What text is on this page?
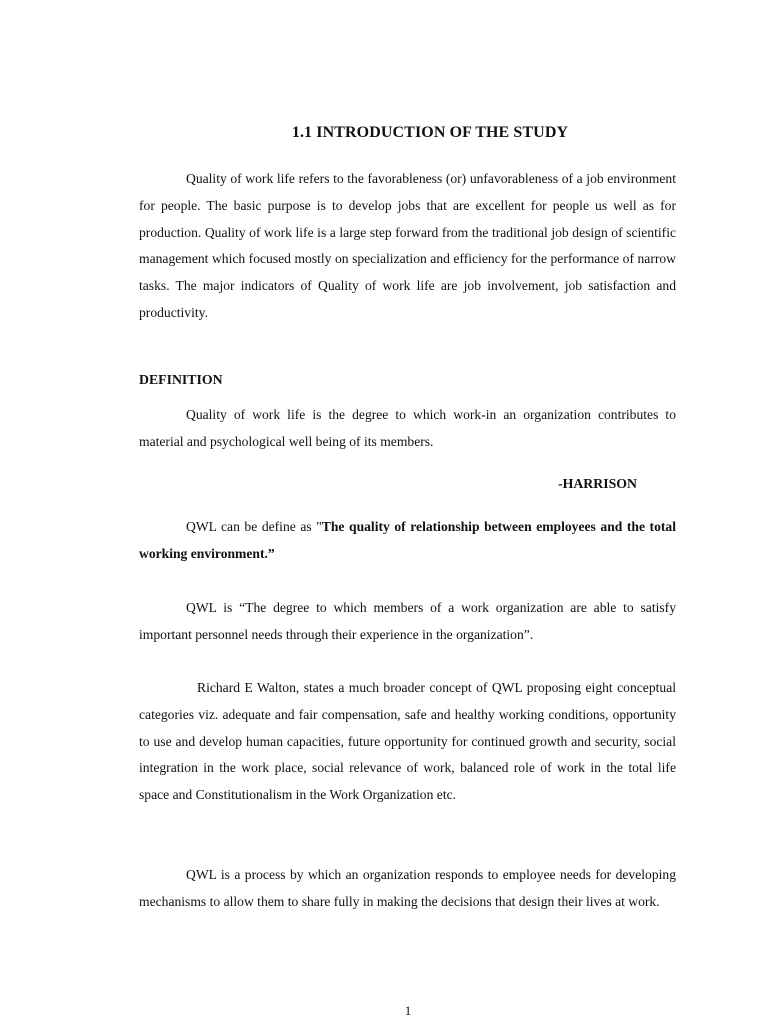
1.1 INTRODUCTION OF THE STUDY

Quality of work life refers to the favorableness (or) unfavorableness of a job environment for people. The basic purpose is to develop jobs that are excellent for people us well as for production. Quality of work life is a large step forward from the traditional job design of scientific management which focused mostly on specialization and efficiency for the performance of narrow tasks. The major indicators of Quality of work life are job involvement, job satisfaction and productivity.

DEFINITION

Quality of work life is the degree to which work-in an organization contributes to material and psychological well being of its members.

-HARRISON

QWL can be define as "The quality of relationship between employees and the total working environment.”

QWL is “The degree to which members of a work organization are able to satisfy important personnel needs through their experience in the organization”.

Richard E Walton, states a much broader concept of QWL proposing eight conceptual categories viz. adequate and fair compensation, safe and healthy working conditions, opportunity to use and develop human capacities, future opportunity for continued growth and security, social integration in the work place, social relevance of work, balanced role of work in the total life space and Constitutionalism in the Work Organization etc.

QWL is a process by which an organization responds to employee needs for developing mechanisms to allow them to share fully in making the decisions that design their lives at work.

1
